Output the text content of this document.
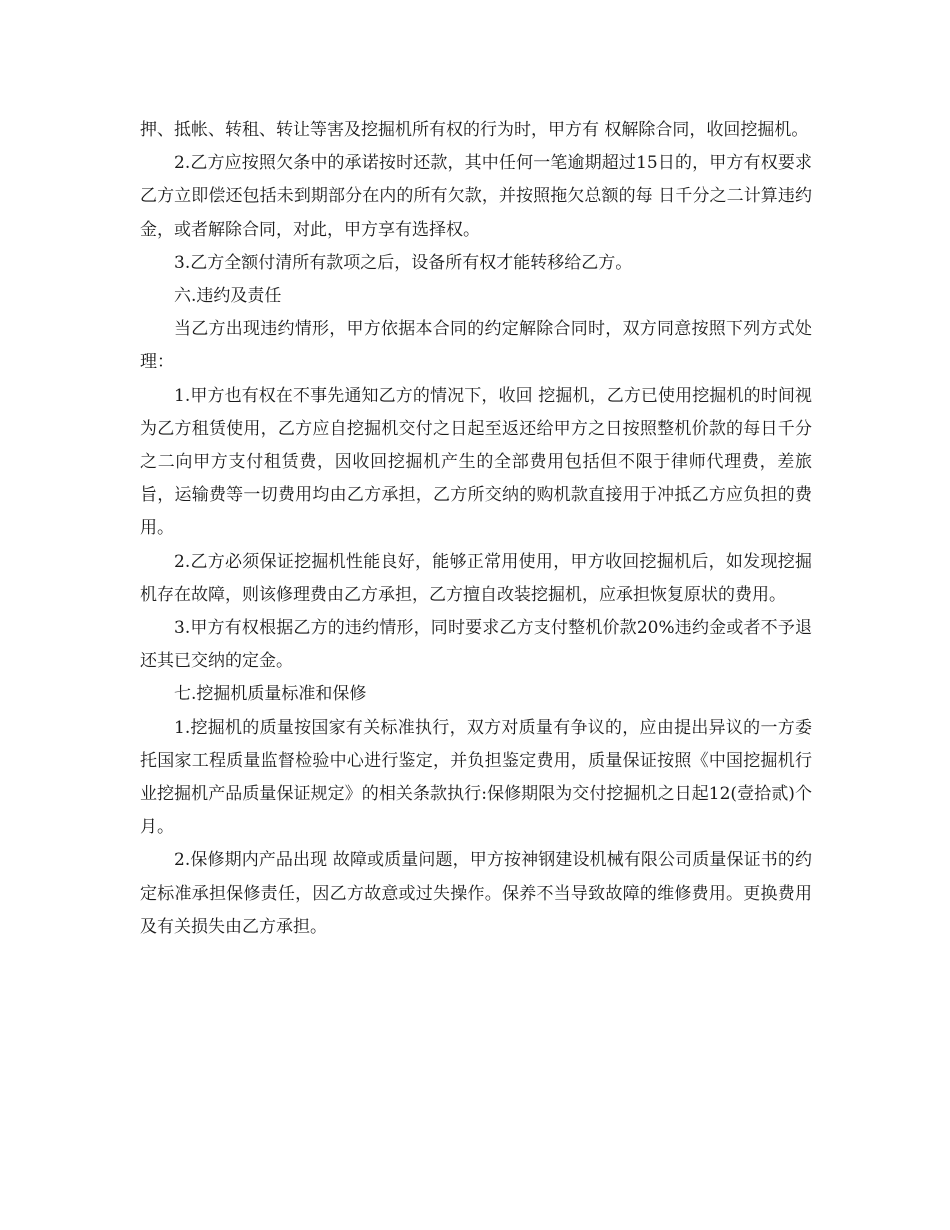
押、抵帐、转租、转让等害及挖掘机所有权的行为时，甲方有 权解除合同，收回挖掘机。

2.乙方应按照欠条中的承诺按时还款，其中任何一笔逾期超过15日的，甲方有权要求乙方立即偿还包括未到期部分在内的所有欠款，并按照拖欠总额的每 日千分之二计算违约金，或者解除合同，对此，甲方享有选择权。

3.乙方全额付清所有款项之后，设备所有权才能转移给乙方。

六.违约及责任

当乙方出现违约情形，甲方依据本合同的约定解除合同时，双方同意按照下列方式处理：

1.甲方也有权在不事先通知乙方的情况下，收回 挖掘机，乙方已使用挖掘机的时间视为乙方租赁使用，乙方应自挖掘机交付之日起至返还给甲方之日按照整机价款的每日千分之二向甲方支付租赁费，因收回挖掘机产生的全部费用包括但不限于律师代理费，差旅旨，运输费等一切费用均由乙方承担，乙方所交纳的购机款直接用于冲抵乙方应负担的费用。

2.乙方必须保证挖掘机性能良好，能够正常用使用，甲方收回挖掘机后，如发现挖掘机存在故障，则该修理费由乙方承担，乙方擅自改装挖掘机，应承担恢复原状的费用。

3.甲方有权根据乙方的违约情形，同时要求乙方支付整机价款20%违约金或者不予退还其已交纳的定金。

七.挖掘机质量标准和保修

1.挖掘机的质量按国家有关标准执行，双方对质量有争议的，应由提出异议的一方委托国家工程质量监督检验中心进行鉴定，并负担鉴定费用，质量保证按照《中国挖掘机行业挖掘机产品质量保证规定》的相关条款执行:保修期限为交付挖掘机之日起12(壹拾贰)个月。

2.保修期内产品出现 故障或质量问题，甲方按神钢建设机械有限公司质量保证书的约定标准承担保修责任，因乙方故意或过失操作。保养不当导致故障的维修费用。更换费用及有关损失由乙方承担。
